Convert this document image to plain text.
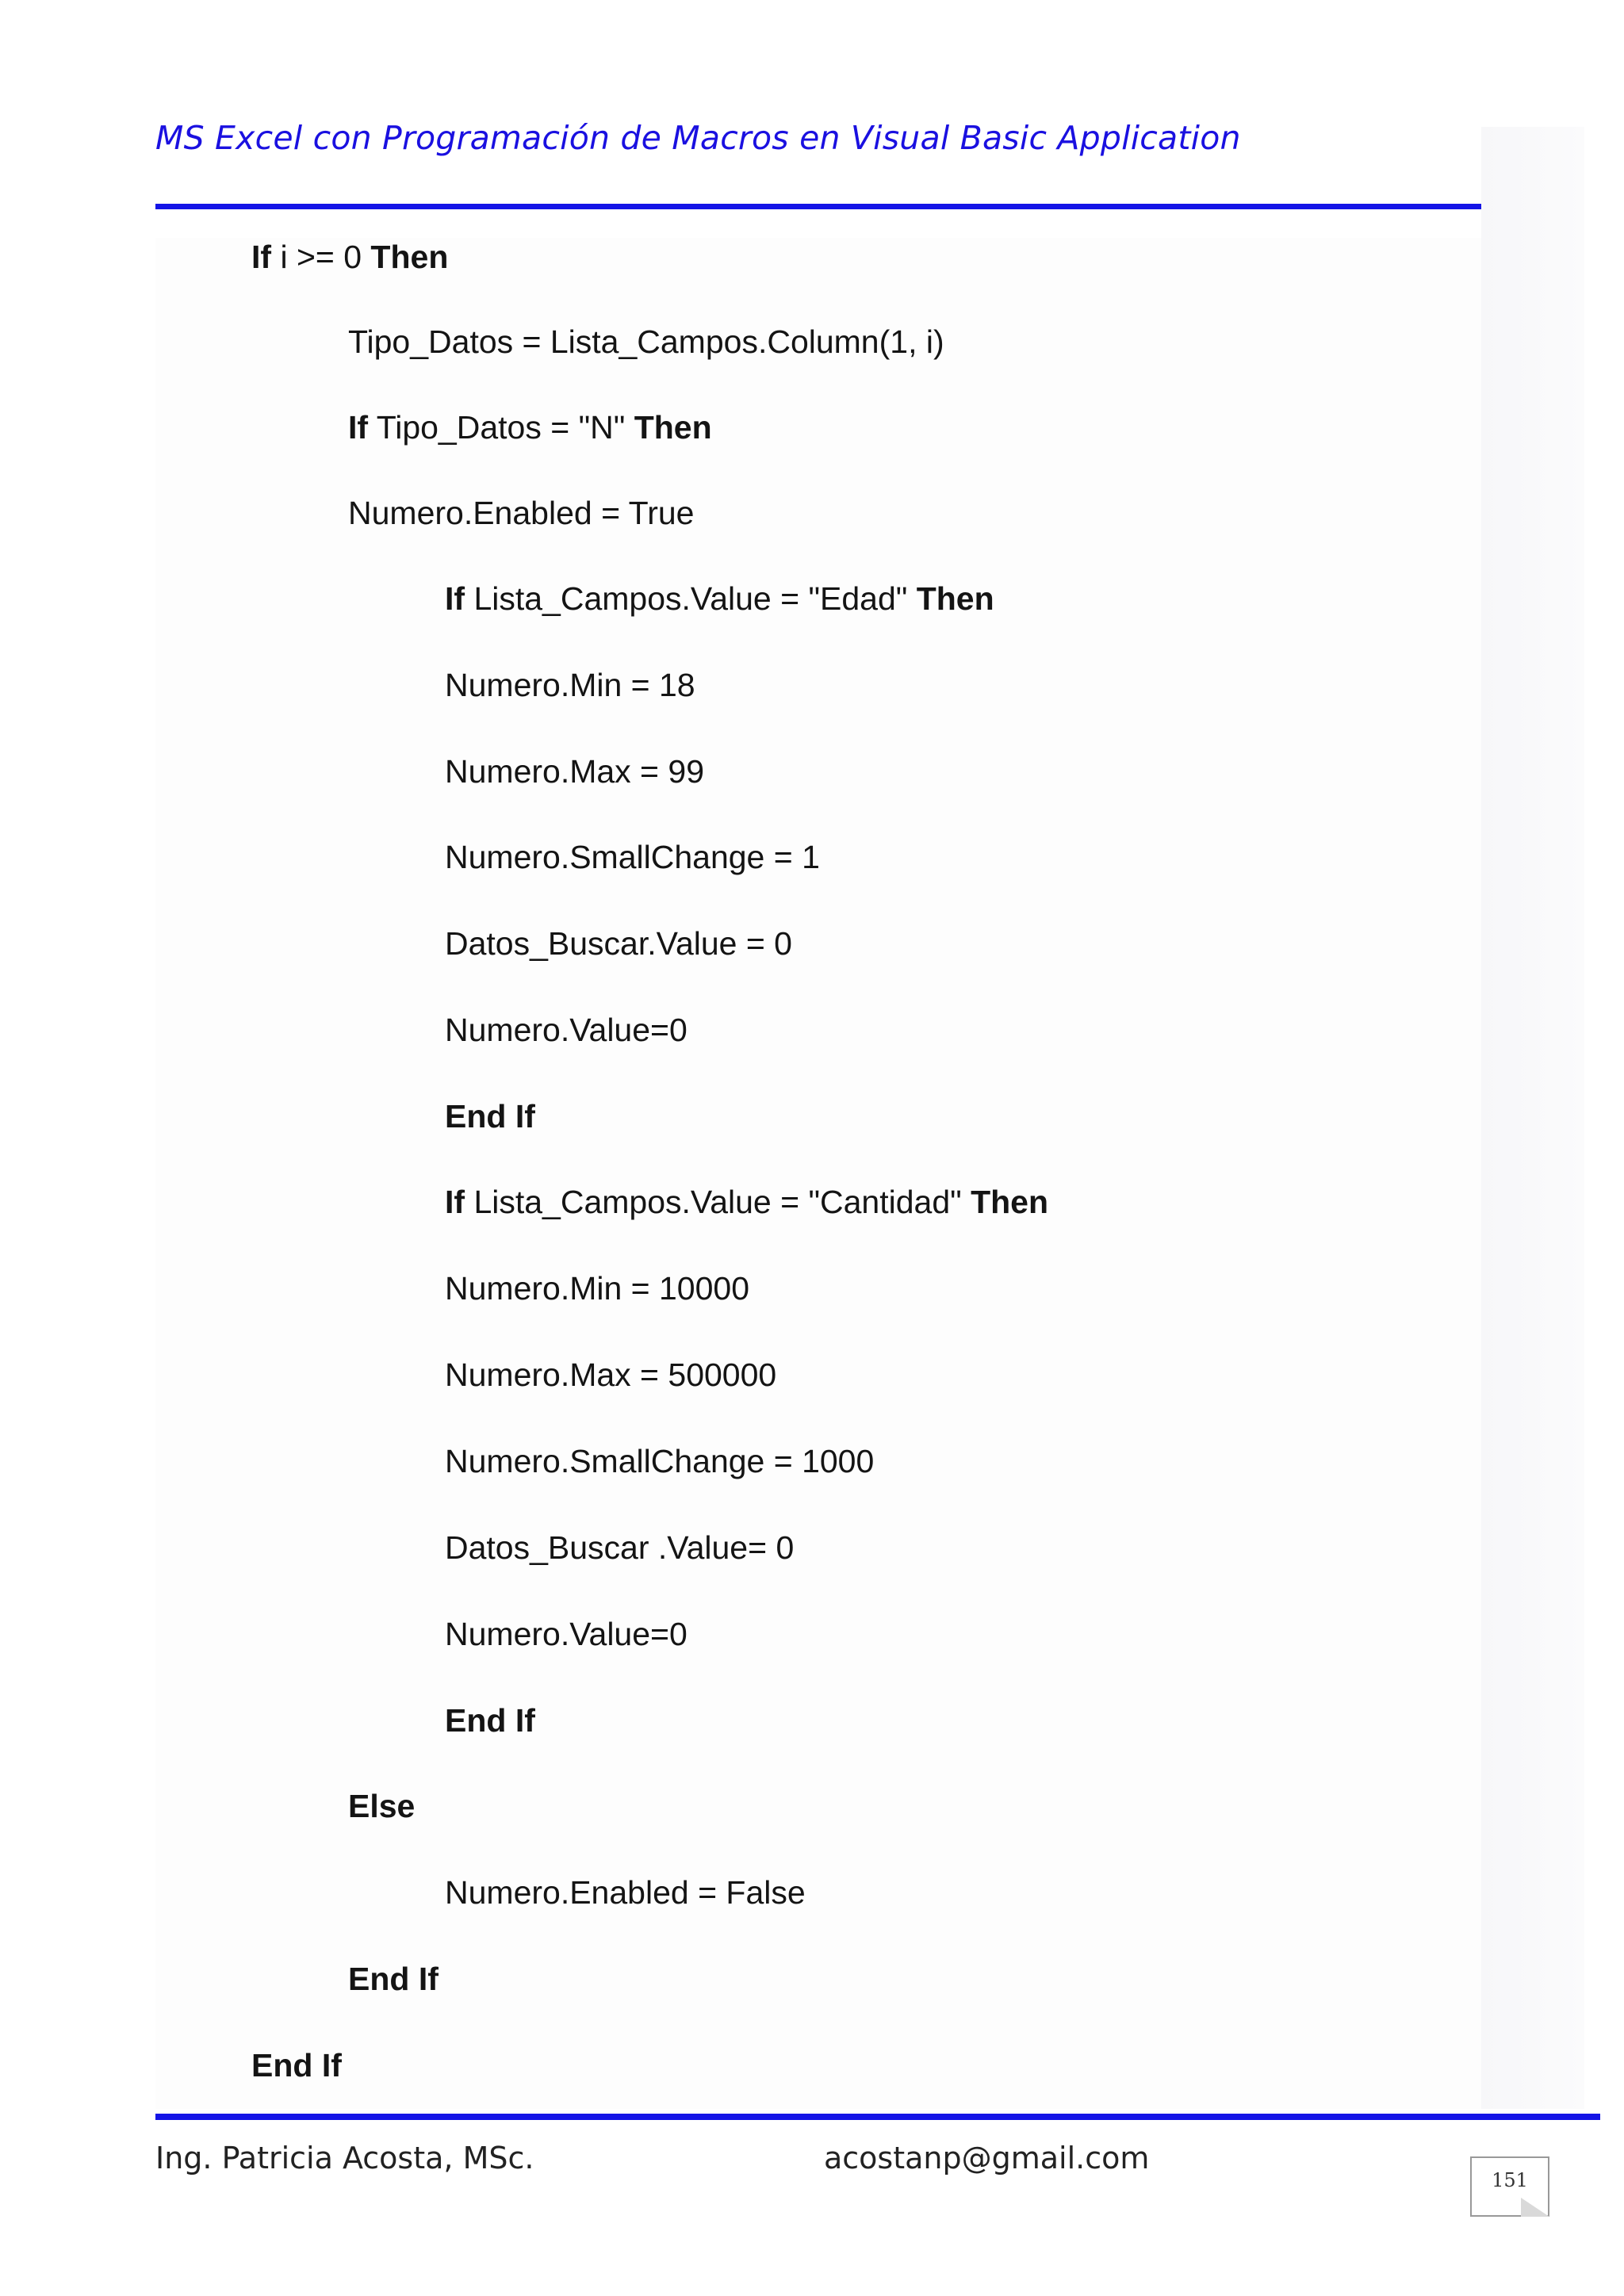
MS Excel con Programación de Macros en Visual Basic Application
If i >= 0 Then
Tipo_Datos = Lista_Campos.Column(1, i)
If Tipo_Datos = "N" Then
Numero.Enabled = True
If Lista_Campos.Value = "Edad" Then
Numero.Min = 18
Numero.Max = 99
Numero.SmallChange = 1
Datos_Buscar.Value = 0
Numero.Value=0
End If
If Lista_Campos.Value = "Cantidad" Then
Numero.Min = 10000
Numero.Max = 500000
Numero.SmallChange = 1000
Datos_Buscar .Value= 0
Numero.Value=0
End If
Else
Numero.Enabled = False
End If
End If
Ing. Patricia Acosta, MSc.	acostanp@gmail.com
151
